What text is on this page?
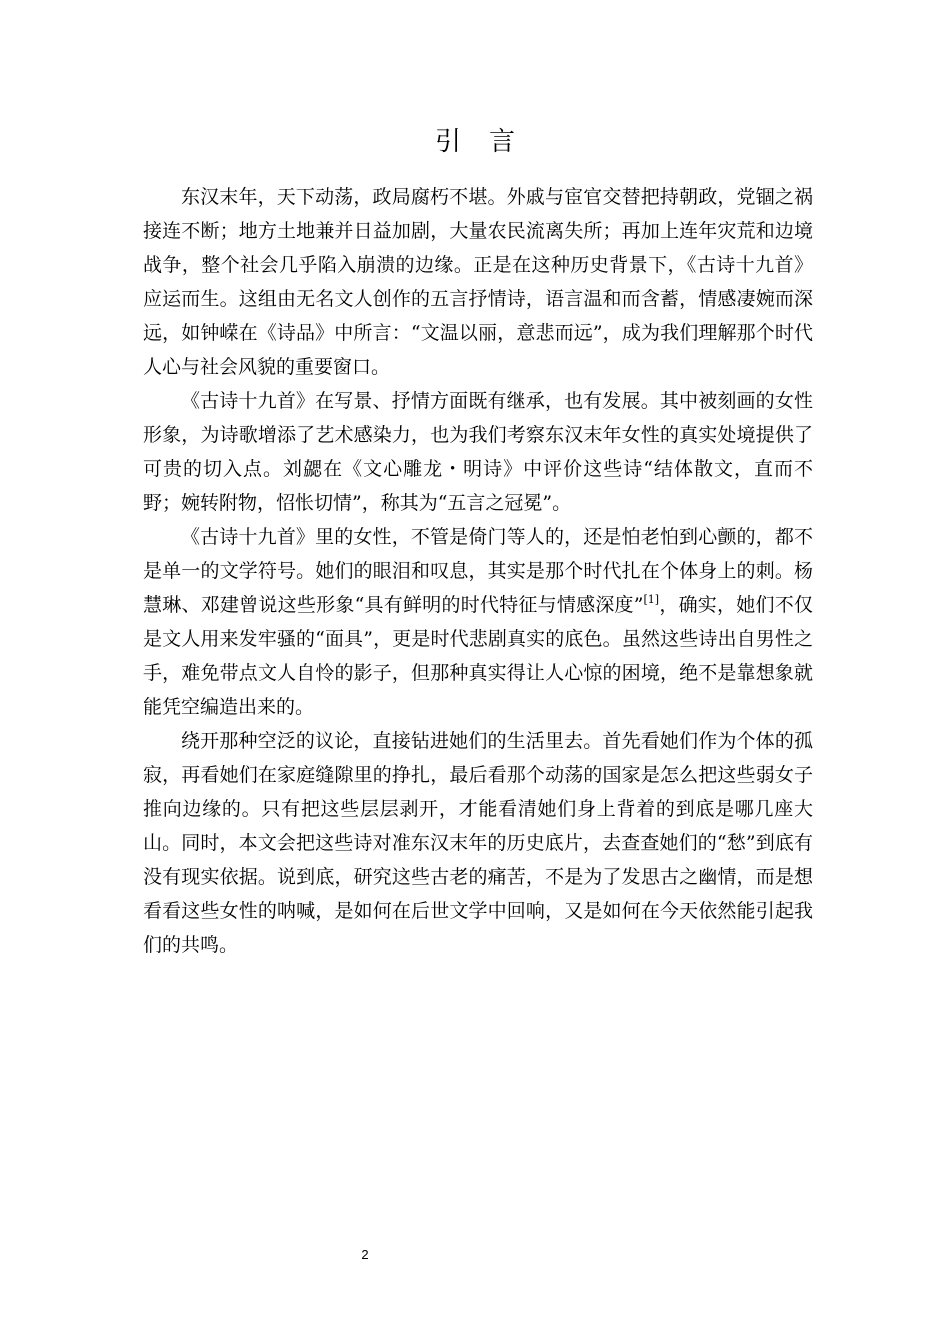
引言

东汉末年，天下动荡，政局腐朽不堪。外戚与宦官交替把持朝政，党锢之祸接连不断；地方土地兼并日益加剧，大量农民流离失所；再加上连年灾荒和边境战争，整个社会几乎陷入崩溃的边缘。正是在这种历史背景下，《古诗十九首》应运而生。这组由无名文人创作的五言抒情诗，语言温和而含蓄，情感凄婉而深远，如钟嵘在《诗品》中所言：“文温以丽，意悲而远”，成为我们理解那个时代人心与社会风貌的重要窗口。

《古诗十九首》在写景、抒情方面既有继承，也有发展。其中被刻画的女性形象，为诗歌增添了艺术感染力，也为我们考察东汉末年女性的真实处境提供了可贵的切入点。刘勰在《文心雕龙・明诗》中评价这些诗“结体散文，直而不野；婉转附物，怊怅切情”，称其为“五言之冠冕”。

《古诗十九首》里的女性，不管是倚门等人的，还是怕老怕到心颤的，都不是单一的文学符号。她们的眼泪和叹息，其实是那个时代扎在个体身上的刺。杨慧琳、邓建曾说这些形象“具有鲜明的时代特征与情感深度”[1]，确实，她们不仅是文人用来发牢骚的“面具”，更是时代悲剧真实的底色。虽然这些诗出自男性之手，难免带点文人自怜的影子，但那种真实得让人心惊的困境，绝不是靠想象就能凭空编造出来的。

绕开那种空泛的议论，直接钻进她们的生活里去。首先看她们作为个体的孤寂，再看她们在家庭缝隙里的挣扎，最后看那个动荡的国家是怎么把这些弱女子推向边缘的。只有把这些层层剥开，才能看清她们身上背着的到底是哪几座大山。同时，本文会把这些诗对准东汉末年的历史底片，去查查她们的“愁”到底有没有现实依据。说到底，研究这些古老的痛苦，不是为了发思古之幽情，而是想看看这些女性的呐喊，是如何在后世文学中回响，又是如何在今天依然能引起我们的共鸣。

2
